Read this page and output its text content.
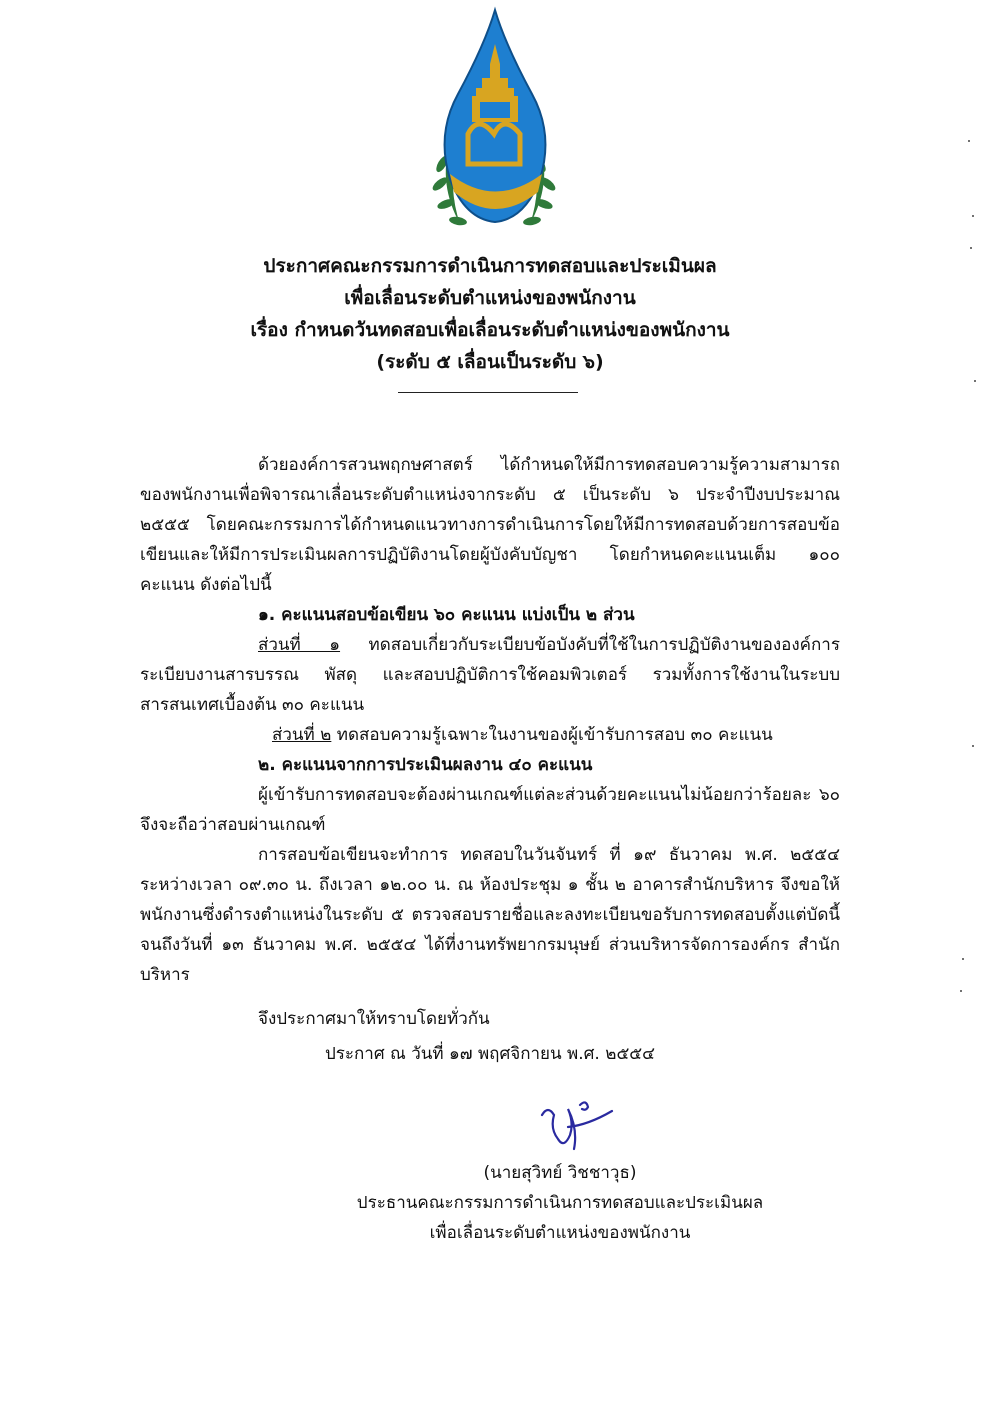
ประกาศคณะกรรมการดำเนินการทดสอบและประเมินผล
เพื่อเลื่อนระดับตำแหน่งของพนักงาน
เรื่อง กำหนดวันทดสอบเพื่อเลื่อนระดับตำแหน่งของพนักงาน
(ระดับ ๕ เลื่อนเป็นระดับ ๖)

ด้วยองค์การสวนพฤกษศาสตร์ ได้กำหนดให้มีการทดสอบความรู้ความสามารถของพนักงานเพื่อพิจารณาเลื่อนระดับตำแหน่งจากระดับ ๕ เป็นระดับ ๖ ประจำปีงบประมาณ ๒๕๕๕ โดยคณะกรรมการได้กำหนดแนวทางการดำเนินการโดยให้มีการทดสอบด้วยการสอบข้อเขียนและให้มีการประเมินผลการปฏิบัติงานโดยผู้บังคับบัญชา โดยกำหนดคะแนนเต็ม ๑๐๐ คะแนน ดังต่อไปนี้

๑. คะแนนสอบข้อเขียน ๖๐ คะแนน แบ่งเป็น ๒ ส่วน

ส่วนที่ ๑ ทดสอบเกี่ยวกับระเบียบข้อบังคับที่ใช้ในการปฏิบัติงานขององค์การ ระเบียบงานสารบรรณ พัสดุ และสอบปฏิบัติการใช้คอมพิวเตอร์ รวมทั้งการใช้งานในระบบสารสนเทศเบื้องต้น ๓๐ คะแนน

ส่วนที่ ๒ ทดสอบความรู้เฉพาะในงานของผู้เข้ารับการสอบ ๓๐ คะแนน

๒. คะแนนจากการประเมินผลงาน ๔๐ คะแนน

ผู้เข้ารับการทดสอบจะต้องผ่านเกณฑ์แต่ละส่วนด้วยคะแนนไม่น้อยกว่าร้อยละ ๖๐ จึงจะถือว่าสอบผ่านเกณฑ์

การสอบข้อเขียนจะทำการ ทดสอบในวันจันทร์ ที่ ๑๙ ธันวาคม พ.ศ. ๒๕๕๔ ระหว่างเวลา ๐๙.๓๐ น. ถึงเวลา ๑๒.๐๐ น. ณ ห้องประชุม ๑ ชั้น ๒ อาคารสำนักบริหาร จึงขอให้พนักงานซึ่งดำรงตำแหน่งในระดับ ๕ ตรวจสอบรายชื่อและลงทะเบียนขอรับการทดสอบตั้งแต่บัดนี้ จนถึงวันที่ ๑๓ ธันวาคม พ.ศ. ๒๕๕๔ ได้ที่งานทรัพยากรมนุษย์ ส่วนบริหารจัดการองค์กร สำนักบริหาร

จึงประกาศมาให้ทราบโดยทั่วกัน

ประกาศ ณ วันที่ ๑๗ พฤศจิกายน พ.ศ. ๒๕๕๔
(นายสุวิทย์ วิชชาวุธ)
ประธานคณะกรรมการดำเนินการทดสอบและประเมินผล
เพื่อเลื่อนระดับตำแหน่งของพนักงาน
